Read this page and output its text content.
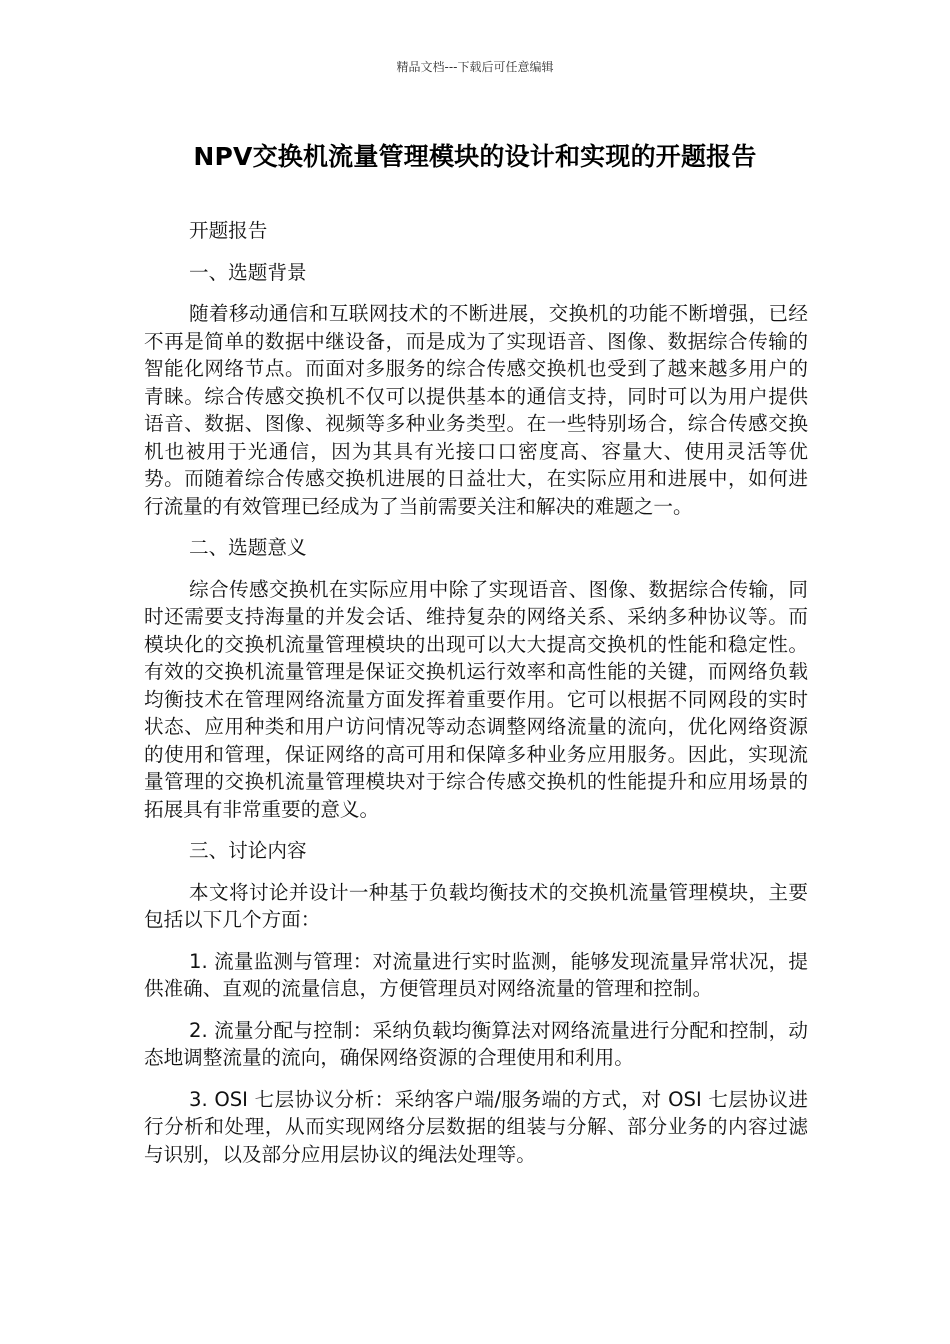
精品文档---下载后可任意编辑
NPV交换机流量管理模块的设计和实现的开题报告

开题报告

一、选题背景

随着移动通信和互联网技术的不断进展，交换机的功能不断增强，已经不再是简单的数据中继设备，而是成为了实现语音、图像、数据综合传输的智能化网络节点。而面对多服务的综合传感交换机也受到了越来越多用户的青睐。综合传感交换机不仅可以提供基本的通信支持，同时可以为用户提供语音、数据、图像、视频等多种业务类型。在一些特别场合，综合传感交换机也被用于光通信，因为其具有光接口口密度高、容量大、使用灵活等优势。而随着综合传感交换机进展的日益壮大，在实际应用和进展中，如何进行流量的有效管理已经成为了当前需要关注和解决的难题之一。

二、选题意义

综合传感交换机在实际应用中除了实现语音、图像、数据综合传输，同时还需要支持海量的并发会话、维持复杂的网络关系、采纳多种协议等。而模块化的交换机流量管理模块的出现可以大大提高交换机的性能和稳定性。有效的交换机流量管理是保证交换机运行效率和高性能的关键，而网络负载均衡技术在管理网络流量方面发挥着重要作用。它可以根据不同网段的实时状态、应用种类和用户访问情况等动态调整网络流量的流向，优化网络资源的使用和管理，保证网络的高可用和保障多种业务应用服务。因此，实现流量管理的交换机流量管理模块对于综合传感交换机的性能提升和应用场景的拓展具有非常重要的意义。

三、讨论内容

本文将讨论并设计一种基于负载均衡技术的交换机流量管理模块，主要包括以下几个方面：

1. 流量监测与管理：对流量进行实时监测，能够发现流量异常状况，提供准确、直观的流量信息，方便管理员对网络流量的管理和控制。

2. 流量分配与控制：采纳负载均衡算法对网络流量进行分配和控制，动态地调整流量的流向，确保网络资源的合理使用和利用。

3. OSI 七层协议分析：采纳客户端/服务端的方式，对 OSI 七层协议进行分析和处理，从而实现网络分层数据的组装与分解、部分业务的内容过滤与识别，以及部分应用层协议的绳法处理等。
